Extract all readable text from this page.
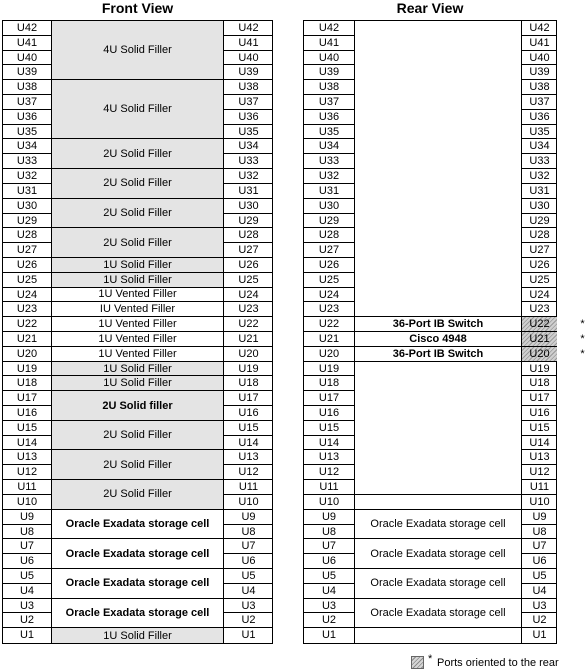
Front View	Rear View
U42
U41
U40
U39
U38
U37
U36
U35
U34
U33
U32
U31
U30
U29
U28
U27
U26
U25
U24
U23
U22
U21
U20
U19
U18
U17
U16
U15
U14
U13
U12
U11
U10
U9
U8
U7
U6
U5
U4
U3
U2
U1
4U Solid Filler
4U Solid Filler
2U Solid Filler
2U Solid Filler
2U Solid Filler
2U Solid Filler
1U Solid Filler
1U Solid Filler
1U Vented Filler
IU Vented Filler
1U Vented Filler
1U Vented Filler
1U Vented Filler
1U Solid Filler
1U Solid Filler
2U Solid filler
2U Solid Filler
2U Solid Filler
2U Solid Filler
Oracle Exadata storage cell
Oracle Exadata storage cell
Oracle Exadata storage cell
Oracle Exadata storage cell
1U Solid Filler
U42
U41
U40
U39
U38
U37
U36
U35
U34
U33
U32
U31
U30
U29
U28
U27
U26
U25
U24
U23
U22
U21
U20
U19
U18
U17
U16
U15
U14
U13
U12
U11
U10
U9
U8
U7
U6
U5
U4
U3
U2
U1
U42
U41
U40
U39
U38
U37
U36
U35
U34
U33
U32
U31
U30
U29
U28
U27
U26
U25
U24
U23
U22
U21
U20
U19
U18
U17
U16
U15
U14
U13
U12
U11
U10
U9
U8
U7
U6
U5
U4
U3
U2
U1
36-Port IB Switch
Cisco 4948
36-Port IB Switch
Oracle Exadata storage cell
Oracle Exadata storage cell
Oracle Exadata storage cell
Oracle Exadata storage cell
U42
U41
U40
U39
U38
U37
U36
U35
U34
U33
U32
U31
U30
U29
U28
U27
U26
U25
U24
U23
U22
U21
U20
U19
U18
U17
U16
U15
U14
U13
U12
U11
U10
U9
U8
U7
U6
U5
U4
U3
U2
U1
*
*
*
* Ports oriented to the rear
